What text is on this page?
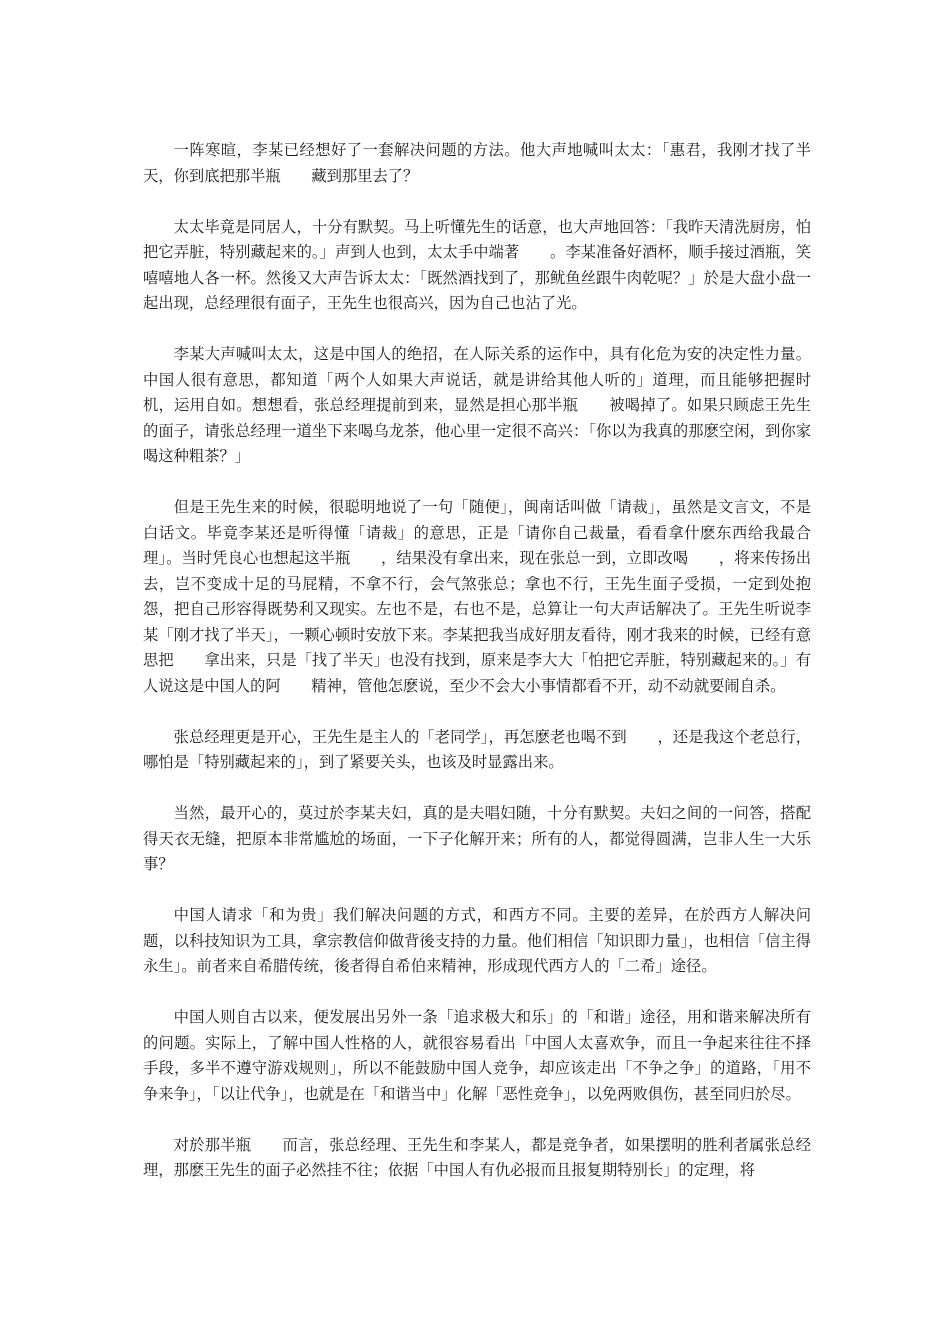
一阵寒暄，李某已经想好了一套解决问题的方法。他大声地喊叫太太：「惠君，我刚才找了半天，你到底把那半瓶　　藏到那里去了？

太太毕竟是同居人，十分有默契。马上听懂先生的话意，也大声地回答：「我昨天清洗厨房，怕把它弄脏，特别藏起来的。」声到人也到，太太手中端著　　。李某准备好酒杯，顺手接过酒瓶，笑嘻嘻地人各一杯。然後又大声告诉太太：「既然酒找到了，那鱿鱼丝跟牛肉乾呢？」於是大盘小盘一起出现，总经理很有面子，王先生也很高兴，因为自己也沾了光。

李某大声喊叫太太，这是中国人的绝招，在人际关系的运作中，具有化危为安的决定性力量。中国人很有意思，都知道「两个人如果大声说话，就是讲给其他人听的」道理，而且能够把握时机，运用自如。想想看，张总经理提前到来，显然是担心那半瓶　　被喝掉了。如果只顾虑王先生的面子，请张总经理一道坐下来喝乌龙茶，他心里一定很不高兴：「你以为我真的那麽空闲，到你家喝这种粗茶？」

但是王先生来的时候，很聪明地说了一句「随便」，闽南话叫做「请裁」，虽然是文言文，不是白话文。毕竟李某还是听得懂「请裁」的意思，正是「请你自己裁量，看看拿什麽东西给我最合理」。当时凭良心也想起这半瓶　　，结果没有拿出来，现在张总一到，立即改喝　　，将来传扬出去，岂不变成十足的马屁精，不拿不行，会气煞张总；拿也不行，王先生面子受损，一定到处抱怨，把自己形容得既势利又现实。左也不是，右也不是，总算让一句大声话解决了。王先生听说李某「刚才找了半天」，一颗心顿时安放下来。李某把我当成好朋友看待，刚才我来的时候，已经有意思把　　拿出来，只是「找了半天」也没有找到，原来是李大大「怕把它弄脏，特别藏起来的。」有人说这是中国人的阿　　精神，管他怎麽说，至少不会大小事情都看不开，动不动就要闹自杀。

张总经理更是开心，王先生是主人的「老同学」，再怎麽老也喝不到　　，还是我这个老总行，哪怕是「特别藏起来的」，到了紧要关头，也该及时显露出来。

当然，最开心的，莫过於李某夫妇，真的是夫唱妇随，十分有默契。夫妇之间的一问答，搭配得天衣无缝，把原本非常尴尬的场面，一下子化解开来；所有的人，都觉得圆满，岂非人生一大乐事？

中国人请求「和为贵」我们解决问题的方式，和西方不同。主要的差异，在於西方人解决问题，以科技知识为工具，拿宗教信仰做背後支持的力量。他们相信「知识即力量」，也相信「信主得永生」。前者来自希腊传统，後者得自希伯来精神，形成现代西方人的「二希」途径。

中国人则自古以来，便发展出另外一条「追求极大和乐」的「和谐」途径，用和谐来解决所有的问题。实际上，了解中国人性格的人，就很容易看出「中国人太喜欢争，而且一争起来往往不择手段，多半不遵守游戏规则」，所以不能鼓励中国人竞争，却应该走出「不争之争」的道路，「用不争来争」，「以让代争」，也就是在「和谐当中」化解「恶性竞争」，以免两败俱伤，甚至同归於尽。

对於那半瓶　　而言，张总经理、王先生和李某人，都是竞争者，如果摆明的胜利者属张总经理，那麽王先生的面子必然挂不往；依据「中国人有仇必报而且报复期特别长」的定理，将
